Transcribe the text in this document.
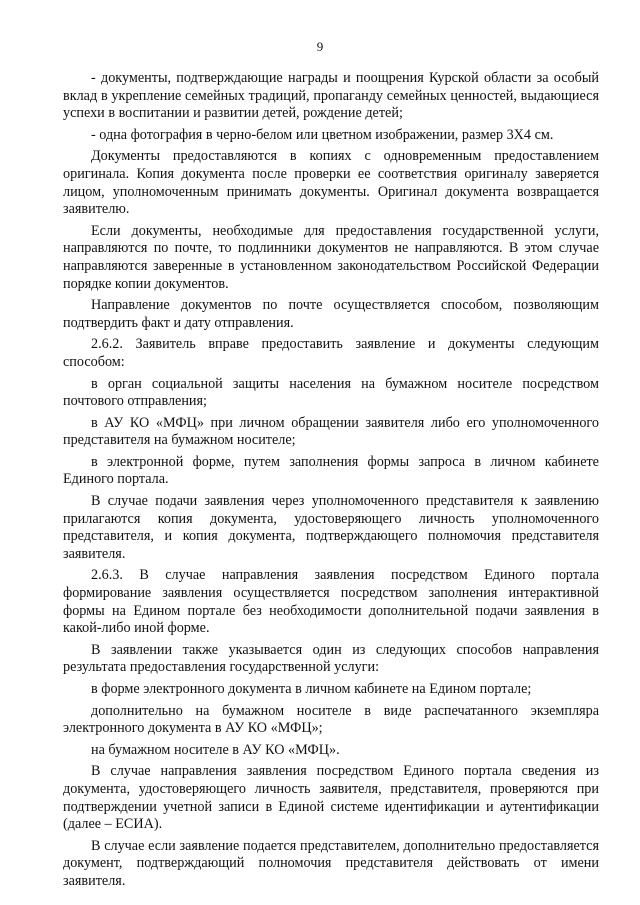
9

- документы, подтверждающие награды и поощрения Курской области за особый вклад в укрепление семейных традиций, пропаганду семейных ценностей, выдающиеся успехи в воспитании и развитии детей, рождение детей;

- одна фотография в черно-белом или цветном изображении, размер 3Х4 см.

Документы предоставляются в копиях с одновременным предоставлением оригинала. Копия документа после проверки ее соответствия оригиналу заверяется лицом, уполномоченным принимать документы. Оригинал документа возвращается заявителю.

Если документы, необходимые для предоставления государственной услуги, направляются по почте, то подлинники документов не направляются. В этом случае направляются заверенные в установленном законодательством Российской Федерации порядке копии документов.

Направление документов по почте осуществляется способом, позволяющим подтвердить факт и дату отправления.

2.6.2. Заявитель вправе предоставить заявление и документы следующим способом:

в орган социальной защиты населения на бумажном носителе посредством почтового отправления;

в АУ КО «МФЦ» при личном обращении заявителя либо его уполномоченного представителя на бумажном носителе;

в электронной форме, путем заполнения формы запроса в личном кабинете Единого портала.

В случае подачи заявления через уполномоченного представителя к заявлению прилагаются копия документа, удостоверяющего личность уполномоченного представителя, и копия документа, подтверждающего полномочия представителя заявителя.

2.6.3. В случае направления заявления посредством Единого портала формирование заявления осуществляется посредством заполнения интерактивной формы на Едином портале без необходимости дополнительной подачи заявления в какой-либо иной форме.

В заявлении также указывается один из следующих способов направления результата предоставления государственной услуги:

в форме электронного документа в личном кабинете на Едином портале;

дополнительно на бумажном носителе в виде распечатанного экземпляра электронного документа в АУ КО «МФЦ»;

на бумажном носителе в АУ КО «МФЦ».

В случае направления заявления посредством Единого портала сведения из документа, удостоверяющего личность заявителя, представителя, проверяются при подтверждении учетной записи в Единой системе идентификации и аутентификации (далее – ЕСИА).

В случае если заявление подается представителем, дополнительно предоставляется документ, подтверждающий полномочия представителя действовать от имени заявителя.
